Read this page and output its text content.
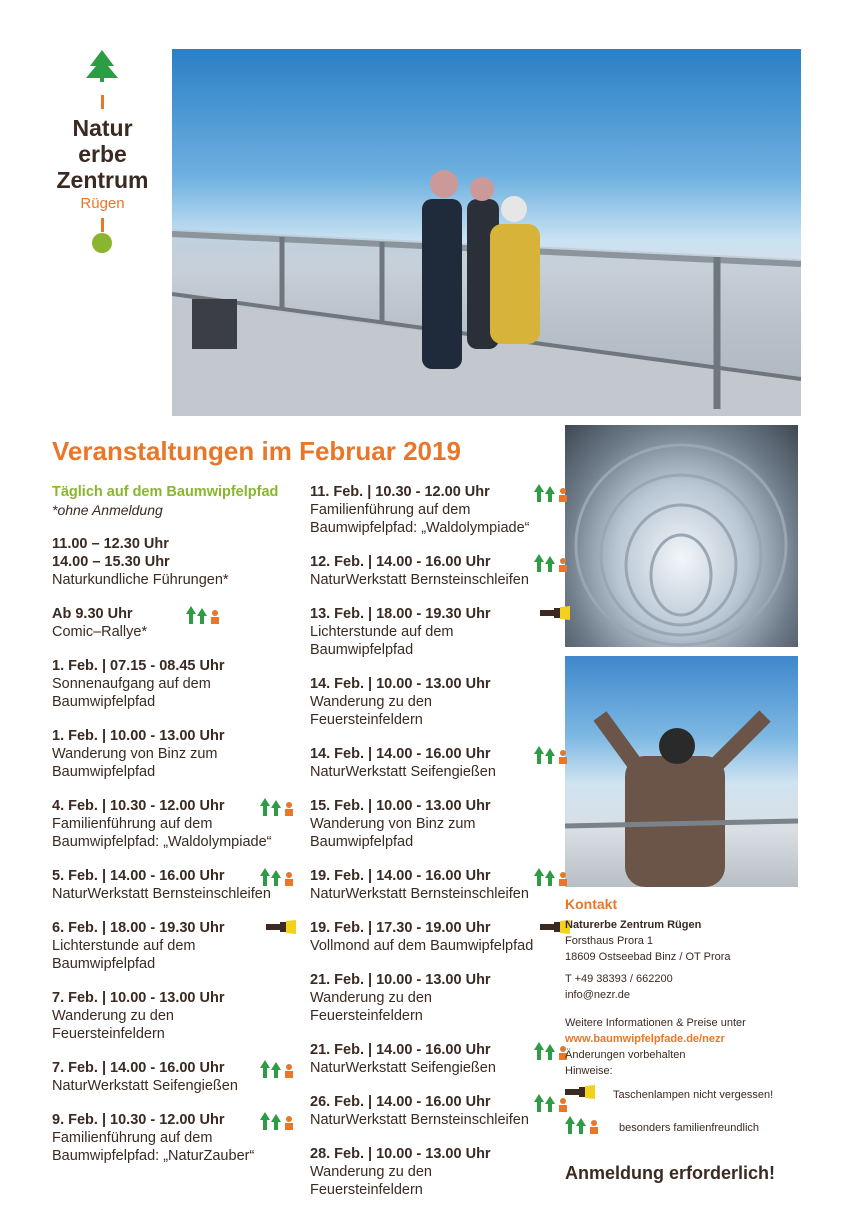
Natur
erbe
Zentrum
Rügen
Veranstaltungen im Februar 2019
Täglich auf dem Baumwipfelpfad
*ohne Anmeldung
11.00 – 12.30 Uhr
14.00 – 15.30 Uhr
Naturkundliche Führungen*
Ab 9.30 Uhr
Comic–Rallye*
1. Feb. | 07.15 - 08.45 Uhr
Sonnenaufgang auf dem
Baumwipfelpfad
1. Feb. | 10.00 - 13.00 Uhr
Wanderung von Binz zum
Baumwipfelpfad
4. Feb. | 10.30 - 12.00 Uhr
Familienführung auf dem
Baumwipfelpfad: „Waldolympiade“
5. Feb. | 14.00 - 16.00 Uhr
NaturWerkstatt Bernsteinschleifen
6. Feb. | 18.00 - 19.30 Uhr
Lichterstunde auf dem
Baumwipfelpfad
7. Feb. | 10.00 - 13.00 Uhr
Wanderung zu den
Feuersteinfeldern
7. Feb. | 14.00 - 16.00 Uhr
NaturWerkstatt Seifengießen
9. Feb. | 10.30 - 12.00 Uhr
Familienführung auf dem
Baumwipfelpfad: „NaturZauber“
11. Feb. | 10.30 - 12.00 Uhr
Familienführung auf dem
Baumwipfelpfad: „Waldolympiade“
12. Feb. | 14.00 - 16.00 Uhr
NaturWerkstatt Bernsteinschleifen
13. Feb. | 18.00 - 19.30 Uhr
Lichterstunde auf dem
Baumwipfelpfad
14. Feb. | 10.00 - 13.00 Uhr
Wanderung zu den
Feuersteinfeldern
14. Feb. | 14.00 - 16.00 Uhr
NaturWerkstatt Seifengießen
15. Feb. | 10.00 - 13.00 Uhr
Wanderung von Binz zum
Baumwipfelpfad
19. Feb. | 14.00 - 16.00 Uhr
NaturWerkstatt Bernsteinschleifen
19. Feb. | 17.30 - 19.00 Uhr
Vollmond auf dem Baumwipfelpfad
21. Feb. | 10.00 - 13.00 Uhr
Wanderung zu den
Feuersteinfeldern
21. Feb. | 14.00 - 16.00 Uhr
NaturWerkstatt Seifengießen
26. Feb. | 14.00 - 16.00 Uhr
NaturWerkstatt Bernsteinschleifen
28. Feb. | 10.00 - 13.00 Uhr
Wanderung zu den
Feuersteinfeldern
Kontakt
Naturerbe Zentrum Rügen
Forsthaus Prora 1
18609 Ostseebad Binz / OT Prora
T +49 38393 / 662200
info@nezr.de
Weitere Informationen & Preise unter
www.baumwipfelpfade.de/nezr
Änderungen vorbehalten
Hinweise:
Taschenlampen nicht vergessen!
besonders familienfreundlich
Anmeldung erforderlich!
